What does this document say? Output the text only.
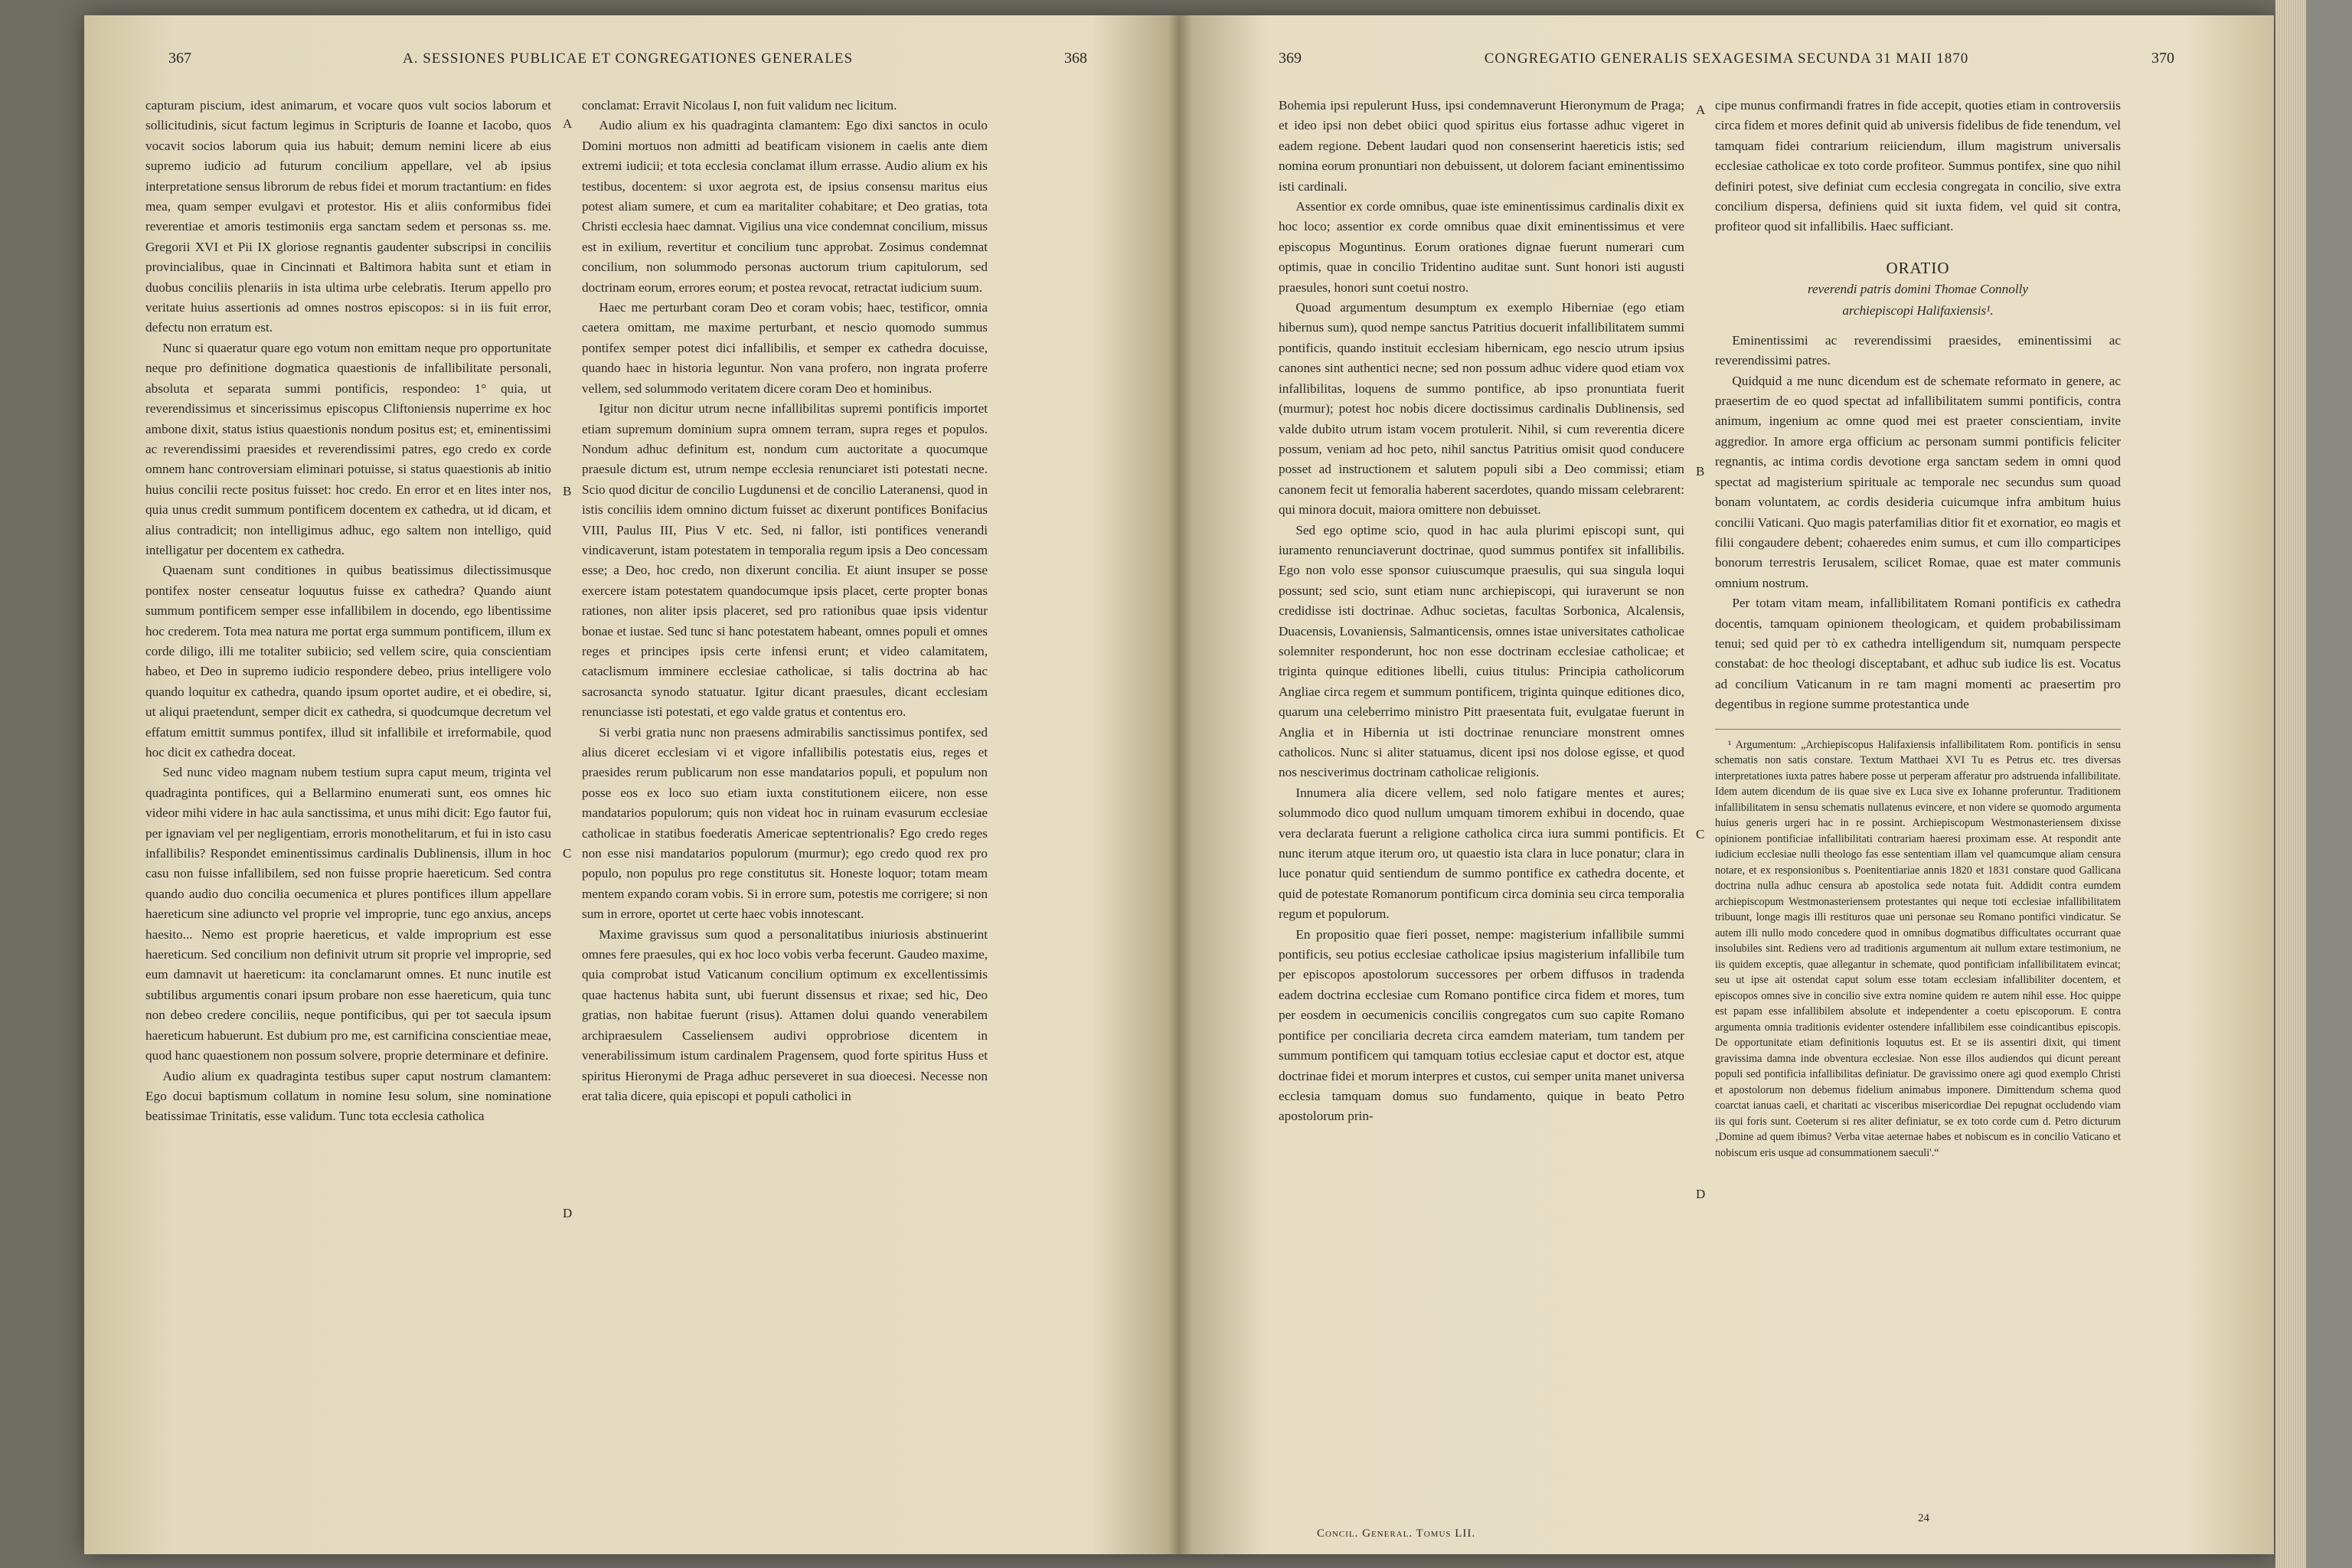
367	A. SESSIONES PUBLICAE ET CONGREGATIONES GENERALES	368

capturam piscium, idest animarum, et vocare quos vult socios laborum et sollicitudinis, sicut factum legimus in Scripturis de Ioanne et Iacobo, quos vocavit socios laborum quia ius habuit; demum nemini licere ab eius supremo iudicio ad futurum concilium appellare, vel ab ipsius interpretatione sensus librorum de rebus fidei et morum tractantium: en fides mea, quam semper evulgavi et protestor. His et aliis conformibus fidei reverentiae et amoris testimoniis erga sanctam sedem et personas ss. me. Gregorii XVI et Pii IX gloriose regnantis gaudenter subscripsi in conciliis provincialibus, quae in Cincinnati et Baltimora habita sunt et etiam in duobus conciliis plenariis in ista ultima urbe celebratis. Iterum appello pro veritate huius assertionis ad omnes nostros episcopos: si in iis fuit error, defectu non erratum est.

Nunc si quaeratur quare ego votum non emittam neque pro opportunitate neque pro definitione dogmatica quaestionis de infallibilitate personali, absoluta et separata summi pontificis, respondeo: 1° quia, ut reverendissimus et sincerissimus episcopus Cliftoniensis nuperrime ex hoc ambone dixit, status istius quaestionis nondum positus est; et, eminentissimi ac reverendissimi praesides et reverendissimi patres, ego credo ex corde omnem hanc controversiam eliminari potuisse, si status quaestionis ab initio huius concilii recte positus fuisset: hoc credo. En error et en lites inter nos, quia unus credit summum pontificem docentem ex cathedra, ut id dicam, et alius contradicit; non intelligimus adhuc, ego saltem non intelligo, quid intelligatur per docentem ex cathedra.

Quaenam sunt conditiones in quibus beatissimus dilectissimusque pontifex noster censeatur loquutus fuisse ex cathedra? Quando aiunt summum pontificem semper esse infallibilem in docendo, ego libentissime hoc crederem. Tota mea natura me portat erga summum pontificem, illum ex corde diligo, illi me totaliter subiicio; sed vellem scire, quia conscientiam habeo, et Deo in supremo iudicio respondere debeo, prius intelligere volo quando loquitur ex cathedra, quando ipsum oportet audire, et ei obedire, si, ut aliqui praetendunt, semper dicit ex cathedra, si quodcumque decretum vel effatum emittit summus pontifex, illud sit infallibile et irreformabile, quod hoc dicit ex cathedra doceat.

Sed nunc video magnam nubem testium supra caput meum, triginta vel quadraginta pontifices, qui a Bellarmino enumerati sunt, eos omnes hic videor mihi videre in hac aula sanctissima, et unus mihi dicit: Ego fautor fui, per ignaviam vel per negligentiam, erroris monothelitarum, et fui in isto casu infallibilis? Respondet eminentissimus cardinalis Dublinensis, illum in hoc casu non fuisse infallibilem, sed non fuisse proprie haereticum. Sed contra quando audio duo concilia oecumenica et plures pontifices illum appellare haereticum sine adiuncto vel proprie vel improprie, tunc ego anxius, anceps haesito... Nemo est proprie haereticus, et valde improprium est esse haereticum. Sed concilium non definivit utrum sit proprie vel improprie, sed eum damnavit ut haereticum: ita conclamarunt omnes. Et nunc inutile est subtilibus argumentis conari ipsum probare non esse haereticum, quia tunc non debeo credere conciliis, neque pontificibus, qui per tot saecula ipsum haereticum habuerunt. Est dubium pro me, est carnificina conscientiae meae, quod hanc quaestionem non possum solvere, proprie determinare et definire.

Audio alium ex quadraginta testibus super caput nostrum clamantem: Ego docui baptismum collatum in nomine Iesu solum, sine nominatione beatissimae Trinitatis, esse validum. Tunc tota ecclesia catholica

A
B
C
D

conclamat: Erravit Nicolaus I, non fuit validum nec licitum.

Audio alium ex his quadraginta clamantem: Ego dixi sanctos in oculo Domini mortuos non admitti ad beatificam visionem in caelis ante diem extremi iudicii; et tota ecclesia conclamat illum errasse. Audio alium ex his testibus, docentem: si uxor aegrota est, de ipsius consensu maritus eius potest aliam sumere, et cum ea maritaliter cohabitare; et Deo gratias, tota Christi ecclesia haec damnat. Vigilius una vice condemnat concilium, missus est in exilium, revertitur et concilium tunc approbat. Zosimus condemnat concilium, non solummodo personas auctorum trium capitulorum, sed doctrinam eorum, errores eorum; et postea revocat, retractat iudicium suum.

Haec me perturbant coram Deo et coram vobis; haec, testificor, omnia caetera omittam, me maxime perturbant, et nescio quomodo summus pontifex semper potest dici infallibilis, et semper ex cathedra docuisse, quando haec in historia leguntur. Non vana profero, non ingrata proferre vellem, sed solummodo veritatem dicere coram Deo et hominibus.

Igitur non dicitur utrum necne infallibilitas supremi pontificis importet etiam supremum dominium supra omnem terram, supra reges et populos. Nondum adhuc definitum est, nondum cum auctoritate a quocumque praesule dictum est, utrum nempe ecclesia renunciaret isti potestati necne. Scio quod dicitur de concilio Lugdunensi et de concilio Lateranensi, quod in istis conciliis idem omnino dictum fuisset ac dixerunt pontifices Bonifacius VIII, Paulus III, Pius V etc. Sed, ni fallor, isti pontifices venerandi vindicaverunt, istam potestatem in temporalia regum ipsis a Deo concessam esse; a Deo, hoc credo, non dixerunt concilia. Et aiunt insuper se posse exercere istam potestatem quandocumque ipsis placet, certe propter bonas rationes, non aliter ipsis placeret, sed pro rationibus quae ipsis videntur bonae et iustae. Sed tunc si hanc potestatem habeant, omnes populi et omnes reges et principes ipsis certe infensi erunt; et video calamitatem, cataclismum imminere ecclesiae catholicae, si talis doctrina ab hac sacrosancta synodo statuatur. Igitur dicant praesules, dicant ecclesiam renunciasse isti potestati, et ego valde gratus et contentus ero.

Si verbi gratia nunc non praesens admirabilis sanctissimus pontifex, sed alius diceret ecclesiam vi et vigore infallibilis potestatis eius, reges et praesides rerum publicarum non esse mandatarios populi, et populum non posse eos ex loco suo etiam iuxta constitutionem eiicere, non esse mandatarios populorum; quis non videat hoc in ruinam evasurum ecclesiae catholicae in statibus foederatis Americae septentrionalis? Ego credo reges non esse nisi mandatarios populorum (murmur); ego credo quod rex pro populo, non populus pro rege constitutus sit. Honeste loquor; totam meam mentem expando coram vobis. Si in errore sum, potestis me corrigere; si non sum in errore, oportet ut certe haec vobis innotescant.

Maxime gravissus sum quod a personalitatibus iniuriosis abstinuerint omnes fere praesules, qui ex hoc loco vobis verba fecerunt. Gaudeo maxime, quia comprobat istud Vaticanum concilium optimum ex excellentissimis quae hactenus habita sunt, ubi fuerunt dissensus et rixae; sed hic, Deo gratias, non habitae fuerunt (risus). Attamen dolui quando venerabilem archipraesulem Casseliensem audivi opprobriose dicentem in venerabilissimum istum cardinalem Pragensem, quod forte spiritus Huss et spiritus Hieronymi de Praga adhuc perseveret in sua dioecesi. Necesse non erat talia dicere, quia episcopi et populi catholici in

369	CONGREGATIO GENERALIS SEXAGESIMA SECUNDA 31 MAII 1870	370

Bohemia ipsi repulerunt Huss, ipsi condemnaverunt Hieronymum de Praga; et ideo ipsi non debet obiici quod spiritus eius fortasse adhuc vigeret in eadem regione. Debent laudari quod non consenserint haereticis istis; sed nomina eorum pronuntiari non debuissent, ut dolorem faciant eminentissimo isti cardinali.

Assentior ex corde omnibus, quae iste eminentissimus cardinalis dixit ex hoc loco; assentior ex corde omnibus quae dixit eminentissimus et vere episcopus Moguntinus. Eorum orationes dignae fuerunt numerari cum optimis, quae in concilio Tridentino auditae sunt. Sunt honori isti augusti praesules, honori sunt coetui nostro.

Quoad argumentum desumptum ex exemplo Hiberniae (ego etiam hibernus sum), quod nempe sanctus Patritius docuerit infallibilitatem summi pontificis, quando instituit ecclesiam hibernicam, ego nescio utrum ipsius canones sint authentici necne; sed non possum adhuc videre quod etiam vox infallibilitas, loquens de summo pontifice, ab ipso pronuntiata fuerit (murmur); potest hoc nobis dicere doctissimus cardinalis Dublinensis, sed valde dubito utrum istam vocem protulerit. Nihil, si cum reverentia dicere possum, veniam ad hoc peto, nihil sanctus Patritius omisit quod conducere posset ad instructionem et salutem populi sibi a Deo commissi; etiam canonem fecit ut femoralia haberent sacerdotes, quando missam celebrarent: qui minora docuit, maiora omittere non debuisset.

Sed ego optime scio, quod in hac aula plurimi episcopi sunt, qui iuramento renunciaverunt doctrinae, quod summus pontifex sit infallibilis. Ego non volo esse sponsor cuiuscumque praesulis, qui sua singula loqui possunt; sed scio, sunt etiam nunc archiepiscopi, qui iuraverunt se non credidisse isti doctrinae. Adhuc societas, facultas Sorbonica, Alcalensis, Duacensis, Lovaniensis, Salmanticensis, omnes istae universitates catholicae solemniter responderunt, hoc non esse doctrinam ecclesiae catholicae; et triginta quinque editiones libelli, cuius titulus: Principia catholicorum Angliae circa regem et summum pontificem, triginta quinque editiones dico, quarum una celeberrimo ministro Pitt praesentata fuit, evulgatae fuerunt in Anglia et in Hibernia ut isti doctrinae renunciare monstrent omnes catholicos. Nunc si aliter statuamus, dicent ipsi nos dolose egisse, et quod nos nesciverimus doctrinam catholicae religionis.

Innumera alia dicere vellem, sed nolo fatigare mentes et aures; solummodo dico quod nullum umquam timorem exhibui in docendo, quae vera declarata fuerunt a religione catholica circa iura summi pontificis. Et nunc iterum atque iterum oro, ut quaestio ista clara in luce ponatur; clara in luce ponatur quid sentiendum de summo pontifice ex cathedra docente, et quid de potestate Romanorum pontificum circa dominia seu circa temporalia regum et populorum.

En propositio quae fieri posset, nempe: magisterium infallibile summi pontificis, seu potius ecclesiae catholicae ipsius magisterium infallibile tum per episcopos apostolorum successores per orbem diffusos in tradenda eadem doctrina ecclesiae cum Romano pontifice circa fidem et mores, tum per eosdem in oecumenicis conciliis congregatos cum suo capite Romano pontifice per conciliaria decreta circa eamdem materiam, tum tandem per summum pontificem qui tamquam totius ecclesiae caput et doctor est, atque doctrinae fidei et morum interpres et custos, cui semper unita manet universa ecclesia tamquam domus suo fundamento, quique in beato Petro apostolorum prin-

A
B
C
D

cipe munus confirmandi fratres in fide accepit, quoties etiam in controversiis circa fidem et mores definit quid ab universis fidelibus de fide tenendum, vel tamquam fidei contrarium reiiciendum, illum magistrum universalis ecclesiae catholicae ex toto corde profiteor. Summus pontifex, sine quo nihil definiri potest, sive definiat cum ecclesia congregata in concilio, sive extra concilium dispersa, definiens quid sit iuxta fidem, vel quid sit contra, profiteor quod sit infallibilis. Haec sufficiant.

ORATIO
reverendi patris domini Thomae Connolly
archiepiscopi Halifaxiensis¹.

Eminentissimi ac reverendissimi praesides, eminentissimi ac reverendissimi patres.

Quidquid a me nunc dicendum est de schemate reformato in genere, ac praesertim de eo quod spectat ad infallibilitatem summi pontificis, contra animum, ingenium ac omne quod mei est praeter conscientiam, invite aggredior. In amore erga officium ac personam summi pontificis feliciter regnantis, ac intima cordis devotione erga sanctam sedem in omni quod spectat ad magisterium spirituale ac temporale nec secundus sum quoad bonam voluntatem, ac cordis desideria cuicumque infra ambitum huius concilii Vaticani. Quo magis paterfamilias ditior fit et exornatior, eo magis et filii congaudere debent; cohaeredes enim sumus, et cum illo comparticipes bonorum terrestris Ierusalem, scilicet Romae, quae est mater communis omnium nostrum.

Per totam vitam meam, infallibilitatem Romani pontificis ex cathedra docentis, tamquam opinionem theologicam, et quidem probabilissimam tenui; sed quid per τὸ ex cathedra intelligendum sit, numquam perspecte constabat: de hoc theologi disceptabant, et adhuc sub iudice lis est. Vocatus ad concilium Vaticanum in re tam magni momenti ac praesertim pro degentibus in regione summe protestantica unde

¹ Argumentum: „Archiepiscopus Halifaxiensis infallibilitatem Rom. pontificis in sensu schematis non satis constare. Textum Matthaei XVI Tu es Petrus etc. tres diversas interpretationes iuxta patres habere posse ut perperam afferatur pro adstruenda infallibilitate. Idem autem dicendum de iis quae sive ex Luca sive ex Iohanne proferuntur. Traditionem infallibilitatem in sensu schematis nullatenus evincere, et non videre se quomodo argumenta huius generis urgeri hac in re possint. Archiepiscopum Westmonasteriensem dixisse opinionem pontificiae infallibilitati contrariam haeresi proximam esse. At respondit ante iudicium ecclesiae nulli theologo fas esse sententiam illam vel quamcumque aliam censura notare, et ex responsionibus s. Poenitentiariae annis 1820 et 1831 constare quod Gallicana doctrina nulla adhuc censura ab apostolica sede notata fuit. Addidit contra eumdem archiepiscopum Westmonasteriensem protestantes qui neque toti ecclesiae infallibilitatem tribuunt, longe magis illi restituros quae uni personae seu Romano pontifici vindicatur. Se autem illi nullo modo concedere quod in omnibus dogmatibus difficultates occurrant quae insolubiles sint. Rediens vero ad traditionis argumentum ait nullum extare testimonium, ne iis quidem exceptis, quae allegantur in schemate, quod pontificiam infallibilitatem evincat; seu ut ipse ait ostendat caput solum esse totam ecclesiam infallibiliter docentem, et episcopos omnes sive in concilio sive extra nomine quidem re autem nihil esse. Hoc quippe est papam esse infallibilem absolute et independenter a coetu episcoporum. E contra argumenta omnia traditionis evidenter ostendere infallibilem esse coindicantibus episcopis. De opportunitate etiam definitionis loquutus est. Et se iis assentiri dixit, qui timent gravissima damna inde obventura ecclesiae. Non esse illos audiendos qui dicunt pereant populi sed pontificia infallibilitas definiatur. De gravissimo onere agi quod exemplo Christi et apostolorum non debemus fidelium animabus imponere. Dimittendum schema quod coarctat ianuas caeli, et charitati ac visceribus misericordiae Dei repugnat occludendo viam iis qui foris sunt. Coeterum si res aliter definiatur, se ex toto corde cum d. Petro dicturum ‚Domine ad quem ibimus? Verba vitae aeternae habes et nobiscum es in concilio Vaticano et nobiscum eris usque ad consummationem saeculi'.“

Concil. General. Tomus LII.
24
